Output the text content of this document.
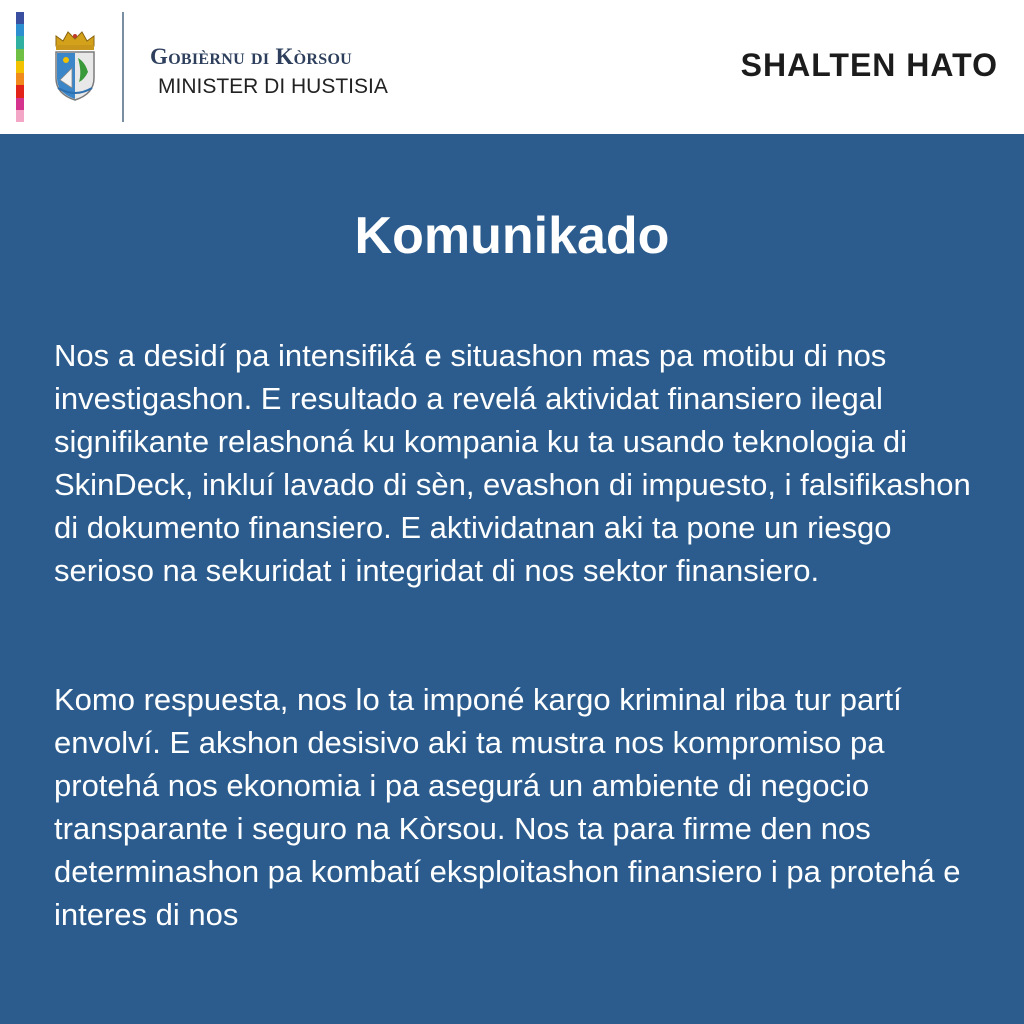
Gobièrnu di Kòrsou
MINISTER DI HUSTISIA
SHALTEN HATO
Komunikado

Nos a desidí pa intensifiká e situashon mas pa motibu di nos investigashon. E resultado a revelá aktividat finansiero ilegal signifikante relashoná ku kompania ku ta usando teknologia di SkinDeck, inkluí lavado di sèn, evashon di impuesto, i falsifikashon di dokumento finansiero. E aktividatnan aki ta pone un riesgo serioso na sekuridat i integridat di nos sektor finansiero.

Komo respuesta, nos lo ta imponé kargo kriminal riba tur partí envolví. E akshon desisivo aki ta mustra nos kompromiso pa protehá nos ekonomia i pa asegurá un ambiente di negocio transparante i seguro na Kòrsou. Nos ta para firme den nos determinashon pa kombatí eksploitashon finansiero i pa protehá e interes di nos
